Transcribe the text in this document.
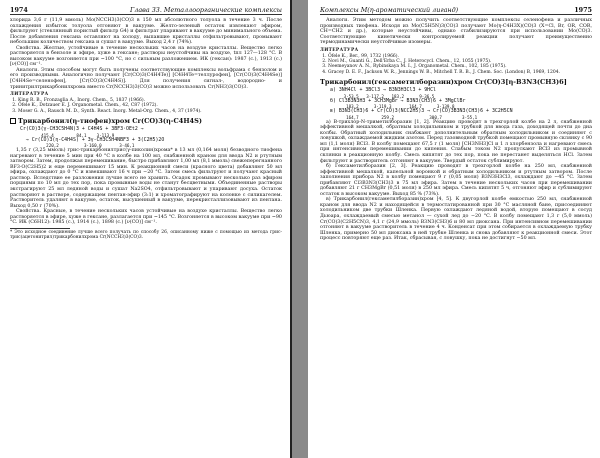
1974	Глава 33. Металлоорганические комплексы

хлорида 3,6 г (11,9 ммоль) Mo(NCCH3)3(CO)3 в 150 мл абсолютного толуола в течение 3 ч. После охлаждения избыток толуола отгоняют в вакууме. Желто-зеленый остаток извлекают эфиром, фильтруют (стеклянный пористый фильтр G4) и фильтрат упаривают в вакууме до минимального объема. После добавления гексана оставляют на холоду, выпавшие кристаллы отфильтровывают, промывают небольшим количеством гексана и сушат в вакууме. Выход 2,4 г (74%).

Свойства. Желтые, устойчивые в течение нескольких часов на воздухе кристаллы. Вещество легко растворяется в бензоле и эфире, хуже в гексане; растворы неустойчивы на воздухе, tпл 127—128 °C. В высоком вакууме возгоняется при ~100 °C, но с сильным разложением. ИК (гексан): 1987 (с.), 1913 (с.) [ν(CO)] см⁻¹.

Аналоги. Этим способом могут быть получены соответствующие комплексы вольфрама с бензолом и его производными. Аналогично получают [Cr(CO)3(C4H4Te)] [C4H4Te=теллурофен], [Cr(CO)3(C4H4Se)] [C4H4Se=селенофен], [Cr(CO)3(C4H4S)]. Для получения сигнал-, водородно- и тринитрилтрикарбонилхрома вместо Cr(NCCH3)3(CO)3 можно использовать Cr(NH3)3(CO)3.

ЛИТЕРАТУРА
1. King R. B., Fronzaglia A., Inorg. Chem., 5, 1837 (1966).
2. Öfele K., Dotzauer E. J. Organometal. Chem., 42, C87 (1972).
3. Moser G. A., Rausch M. D., Synth. React. Inorg. Metal-Org. Chem., 4, 37 (1974).
Трикарбонил(η-тиофен)хром Cr(CO)3(η-C4H4S)
Cr(CO)3(γ-CH3C5H4N)3 + C4H4S + 3BF3·OEt2 →
415,4         84,1    3·113,9
→ Cr(CO)3(η-C4H4S) + 3γ-CH3C5H4NBF3 + 3(C2H5)2O
220,2          3·160,0       3·46,1

1,35 г (3,25 ммоль) грис-трикарбонилтрис(γ-пиколин)хрома* в 13 мл (0,164 моля) безводного тиофена нагревают в течение 5 мин при 40 °C в колбе на 100 мл, снабженной краном для ввода N2 и ртутным затвором. Затем, продолжая перемешивание, быстро прибавляют 1,00 мл (8,1 ммоль) свежеперегнанного BF3·O(C2H5)2 и еще перемешивают 15 мин. К реакционной смеси (красного цвета) добавляют 50 мл эфира, охлаждают до 0 °C и взвешивают 16 ч при −20 °C. Затем смесь фильтруют и получают красный раствор. Вследствие ее разложения лучше всего не хранить. Осадок промывают несколько раз эфиром порциями по 10 мл до тех пор, пока промывные воды не станут бесцветными. Объединенные растворы экстрагируют 25 мл ледяной воды и сушат Na2SO4, отфильтровывают и упаривают досуха. Остаток растворяют в растворе, содержащем пентан-эфир (3:1) и хроматографируют на колонке с силикагелем. Растворитель удаляют в вакууме, остаток, высушенный в вакууме, перекристаллизовывают из пентана. Выход 0,50 г (70%).

Свойства. Красные, в течение нескольких часов устойчивые на воздухе кристаллы. Вещество легко растворяется в эфире, хуже в гексане, разлагается при ~145 °C. Возгоняется в высоком вакууме при ~90 °C. ИК (C6H12): 1985 (с.), 1914 (с.), 1898 (с.) [ν(CO)] см⁻¹.

* Это исходное соединение лучше всего получать по способу 26, описанному ниже с помощью из метода грис-трис(ацетонитрил)трикарбонилхрома Cr(NCCH3)3(CO)3.
Комплексы M(η-ароматический лиганд)	1975

Аналоги. Этим методом можно получить соответствующие комплексы селенофена и различных производных тиофена. Исходя из Mo(C5H5N)3(CO)3 получают Mo(η-C4H3X)(CO)3 (X=Cl, Br, OR, COR, CH=CH2 и др.), которые неустойчивы, однако стабилизируются при использовании Mo(CO)3. Соответствующие кинетически контролируемой реакции получают преимущественно термодинамически неустойчивые изомеры.

ЛИТЕРАТУРА
1. Öfele K., Ber., 99, 1732 (1966).
2. Novi M., Guanti G., Dell'Erba C., J. Heterocycl. Chem., 12, 1055 (1975).
3. Neemeyanov A. N., Rybinskaya M. I., J. Organometal. Chem., 102, 185 (1975).
4. Gracey D. E. F., Jackson W. R., Jennings W. B., Mitchell T. R. B., J. Chem. Soc. (London) B, 1969, 1204.
Трикарбонил(гексаметилборазин)хром Cr(CO)3[η-B3N3(CH3)6]
а) 3NH4Cl + 3BCl3 → B3N3H3Cl3 + 9HCl
3·53,5   3·117,2   183,2      9·36,5
б) Cl3B3N3H3 + 3CH3MgBr → B3N3(CH3)6 + 3MgClBr
183,2      3·119,3       164,7      3·139,8
в) B3N3(CH3)6 + Cr(CO)3(NCC2H5)3 → Cr(CO)3B3N3(CH3)6 + 3C2H5CN
164,7         259,2              300,7        3·55,1

а) В-трихлор-N-триметилборазин [1, 2]. Реакцию проводят в трехгорлой колбе на 2 л, снабженной эффективной мешалкой, обратным холодильником и трубкой для ввода газа, доходящей почти до дна колбы. Обратный холодильник снабжают дополнительным обратным холодильником и соединяют с ловушкой, охлаждаемой жидким азотом. Перед газовводной трубкой помещают промывную склянку с 90 мл (1,1 моля) BCl3. В колбу помещают 67,5 г (1 моля) [CH3NH3]Cl и 1 л хлорбензола и нагревают смесь при интенсивном перемешивании до кипения. Слабым током N2 пропускают BCl3 из промывной склянки в реакционную колбу. Смесь кипятят до тех пор, пока не перестанет выделяться HCl. Затем фильтруют и растворитель отгоняют в вакууме. Твердый остаток сублимируют.

б) Гексаметилборазин [2, 3]. Реакцию проводят в трехгорлой колбе на 250 мл, снабженной эффективной мешалкой, капельной воронкой и обратным холодильником и ртутным затвором. После заполнения прибора N2 в колбу помещают 9 г (0,05 моля) B3N3H3Cl3, охлаждают до −45 °C. Затем прибавляют Cl3B3N3(CH3)3 в 75 мл эфира. Затем в течение нескольких часов при перемешивании добавляют 21 г CH3MgBr (0,51 моля) в 250 мл эфира. Смесь кипятят 5 ч, отгоняют эфир и сублимируют остаток в высоком вакууме. Выход 85 % (73%).

в) Трикарбонил(гексаметилборазин)хром [4, 5]. К двугорлой колбе емкостью 250 мл, снабженной краном для ввода N2 и находящейся в термостатированной при 30 °C масляной бане, присоединяют холодильником две трубки Шленка. Первую охлаждают ледяной водой, вторую помещают в сосуд Дьюара, охлаждаемый смесью метанол — сухой лед до −20 °C. В колбу помещают 1,3 г (5,0 ммоль) Cr(CO)3(C2H5CN)3, 4,1 г (24,9 ммоль) B3N3(CH3)6 и 80 мл диоксана. При интенсивном перемешивании отгоняют в вакууме растворитель в течение 4 ч. Конденсат при этом собирается в охлаждаемую трубку Шленка, примерно 50 мл диоксана в ней трубке Шленка и снова добавляют к реакционной смеси. Этот процесс повторяют еще раз. Итак, сбрасывая, с ловушку, пока не достигнут −50 мл.
